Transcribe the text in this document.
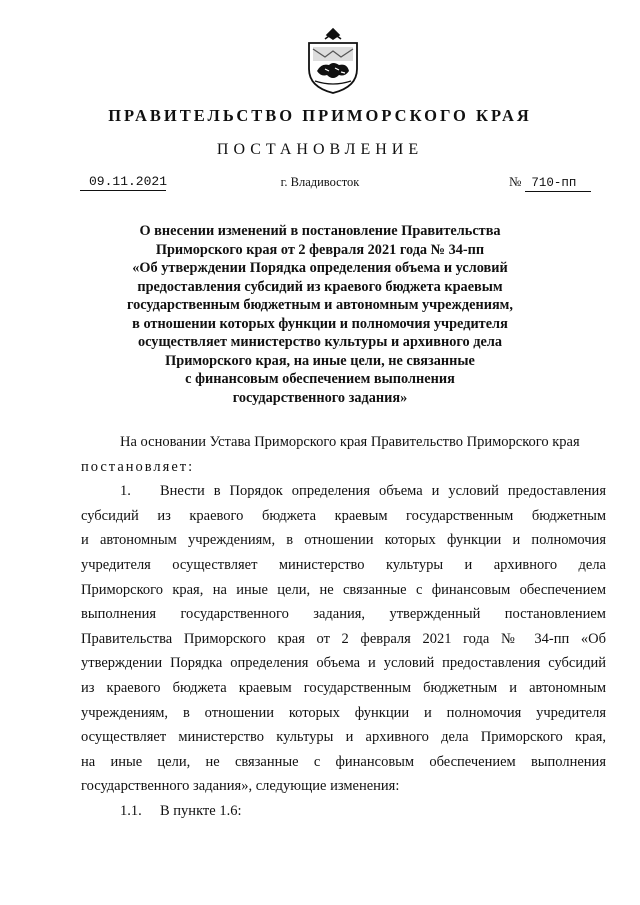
ПРАВИТЕЛЬСТВО ПРИМОРСКОГО КРАЯ
ПОСТАНОВЛЕНИЕ
09.11.2021	г. Владивосток	№ 710-пп
О внесении изменений в постановление Правительства
Приморского края от 2 февраля 2021 года № 34-пп
«Об утверждении Порядка определения объема и условий
предоставления субсидий из краевого бюджета краевым
государственным бюджетным и автономным учреждениям,
в отношении которых функции и полномочия учредителя
осуществляет министерство культуры и архивного дела
Приморского края, на иные цели, не связанные
с финансовым обеспечением выполнения
государственного задания»
На основании Устава Приморского края Правительство Приморского края
постановляет:
1. Внести в Порядок определения объема и условий предоставления
субсидий из краевого бюджета краевым государственным бюджетным
и автономным учреждениям, в отношении которых функции и полномочия
учредителя осуществляет министерство культуры и архивного дела
Приморского края, на иные цели, не связанные с финансовым обеспечением
выполнения государственного задания, утвержденный постановлением
Правительства Приморского края от 2 февраля 2021 года № 34-пп «Об
утверждении Порядка определения объема и условий предоставления субсидий
из краевого бюджета краевым государственным бюджетным и автономным
учреждениям, в отношении которых функции и полномочия учредителя
осуществляет министерство культуры и архивного дела Приморского края,
на иные цели, не связанные с финансовым обеспечением выполнения
государственного задания», следующие изменения:
1.1. В пункте 1.6:
